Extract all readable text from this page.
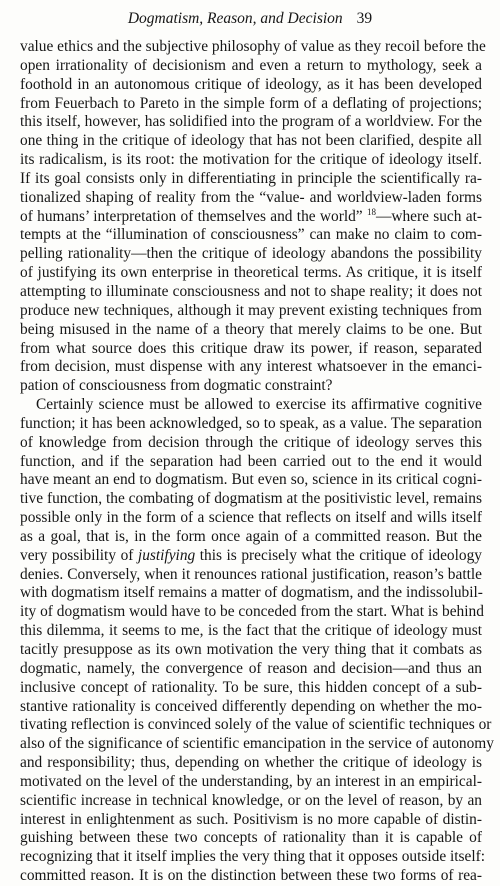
Dogmatism, Reason, and Decision 39
value ethics and the subjective philosophy of value as they recoil before the
open irrationality of decisionism and even a return to mythology, seek a
foothold in an autonomous critique of ideology, as it has been developed
from Feuerbach to Pareto in the simple form of a deflating of projections;
this itself, however, has solidified into the program of a worldview. For the
one thing in the critique of ideology that has not been clarified, despite all
its radicalism, is its root: the motivation for the critique of ideology itself.
If its goal consists only in differentiating in principle the scientifically ra-
tionalized shaping of reality from the “value- and worldview-laden forms
of humans’ interpretation of themselves and the world” $^{18}$—where such at-
tempts at the “illumination of consciousness” can make no claim to com-
pelling rationality—then the critique of ideology abandons the possibility
of justifying its own enterprise in theoretical terms. As critique, it is itself
attempting to illuminate consciousness and not to shape reality; it does not
produce new techniques, although it may prevent existing techniques from
being misused in the name of a theory that merely claims to be one. But
from what source does this critique draw its power, if reason, separated
from decision, must dispense with any interest whatsoever in the emanci-
pation of consciousness from dogmatic constraint?
Certainly science must be allowed to exercise its affirmative cognitive
function; it has been acknowledged, so to speak, as a value. The separation
of knowledge from decision through the critique of ideology serves this
function, and if the separation had been carried out to the end it would
have meant an end to dogmatism. But even so, science in its critical cogni-
tive function, the combating of dogmatism at the positivistic level, remains
possible only in the form of a science that reflects on itself and wills itself
as a goal, that is, in the form once again of a committed reason. But the
very possibility of justifying this is precisely what the critique of ideology
denies. Conversely, when it renounces rational justification, reason’s battle
with dogmatism itself remains a matter of dogmatism, and the indissolubil-
ity of dogmatism would have to be conceded from the start. What is behind
this dilemma, it seems to me, is the fact that the critique of ideology must
tacitly presuppose as its own motivation the very thing that it combats as
dogmatic, namely, the convergence of reason and decision—and thus an
inclusive concept of rationality. To be sure, this hidden concept of a sub-
stantive rationality is conceived differently depending on whether the mo-
tivating reflection is convinced solely of the value of scientific techniques or
also of the significance of scientific emancipation in the service of autonomy
and responsibility; thus, depending on whether the critique of ideology is
motivated on the level of the understanding, by an interest in an empirical-
scientific increase in technical knowledge, or on the level of reason, by an
interest in enlightenment as such. Positivism is no more capable of distin-
guishing between these two concepts of rationality than it is capable of
recognizing that it itself implies the very thing that it opposes outside itself:
committed reason. It is on the distinction between these two forms of rea-
